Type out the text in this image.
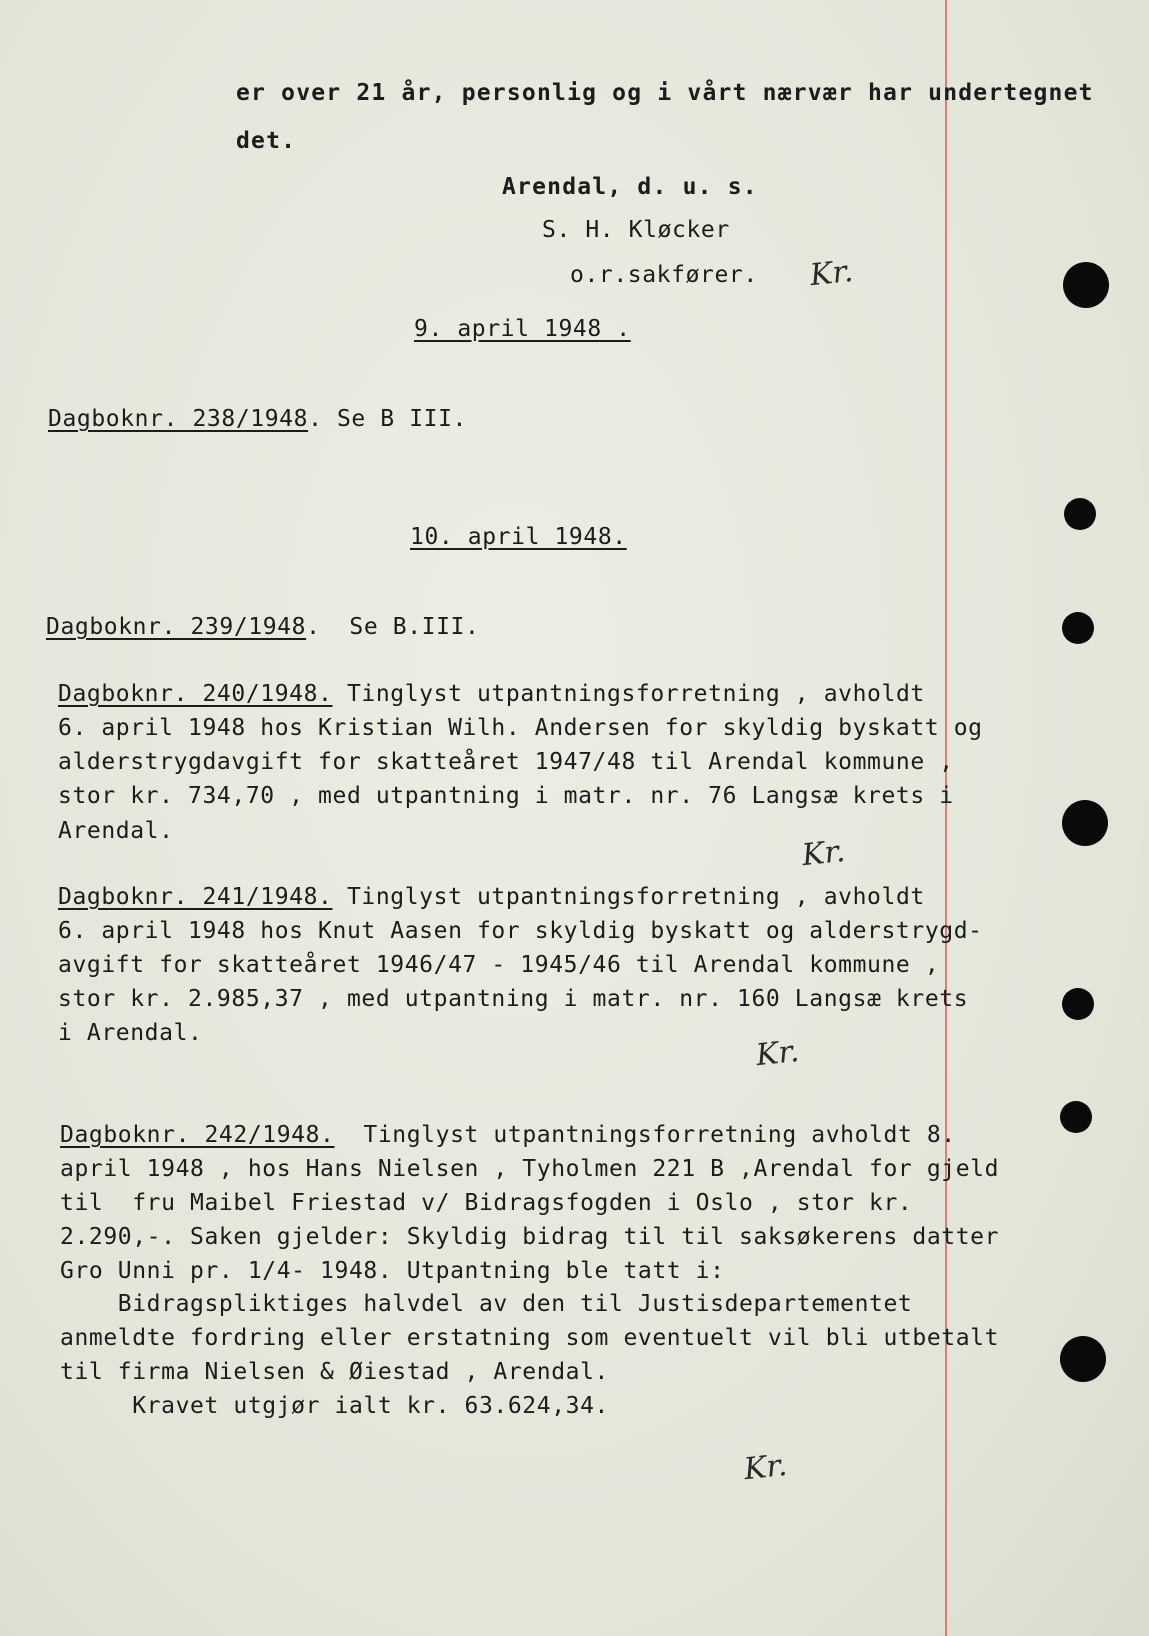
er over 21 år, personlig og i vårt nærvær har undertegnet
det.
Arendal, d. u. s.
S. H. Kløcker
o.r.sakfører. Kr.
9. april 1948 .
Dagboknr. 238/1948. Se B III.
10. april 1948.
Dagboknr. 239/1948.  Se B.III.
Dagboknr. 240/1948. Tinglyst utpantningsforretning , avholdt
6. april 1948 hos Kristian Wilh. Andersen for skyldig byskatt og
alderstrygdavgift for skatteåret 1947/48 til Arendal kommune ,
stor kr. 734,70 , med utpantning i matr. nr. 76 Langsæ krets i
Arendal.
Kr.
Dagboknr. 241/1948. Tinglyst utpantningsforretning , avholdt
6. april 1948 hos Knut Aasen for skyldig byskatt og alderstrygd-
avgift for skatteåret 1946/47 - 1945/46 til Arendal kommune ,
stor kr. 2.985,37 , med utpantning i matr. nr. 160 Langsæ krets
i Arendal.
Kr.
Dagboknr. 242/1948.  Tinglyst utpantningsforretning avholdt 8.
april 1948 , hos Hans Nielsen , Tyholmen 221 B ,Arendal for gjeld
til  fru Maibel Friestad v/ Bidragsfogden i Oslo , stor kr.
2.290,-. Saken gjelder: Skyldig bidrag til til saksøkerens datter
Gro Unni pr. 1/4- 1948. Utpantning ble tatt i:
Bidragspliktiges halvdel av den til Justisdepartementet
anmeldte fordring eller erstatning som eventuelt vil bli utbetalt
til firma Nielsen & Øiestad , Arendal.
Kravet utgjør ialt kr. 63.624,34.
Kr.
